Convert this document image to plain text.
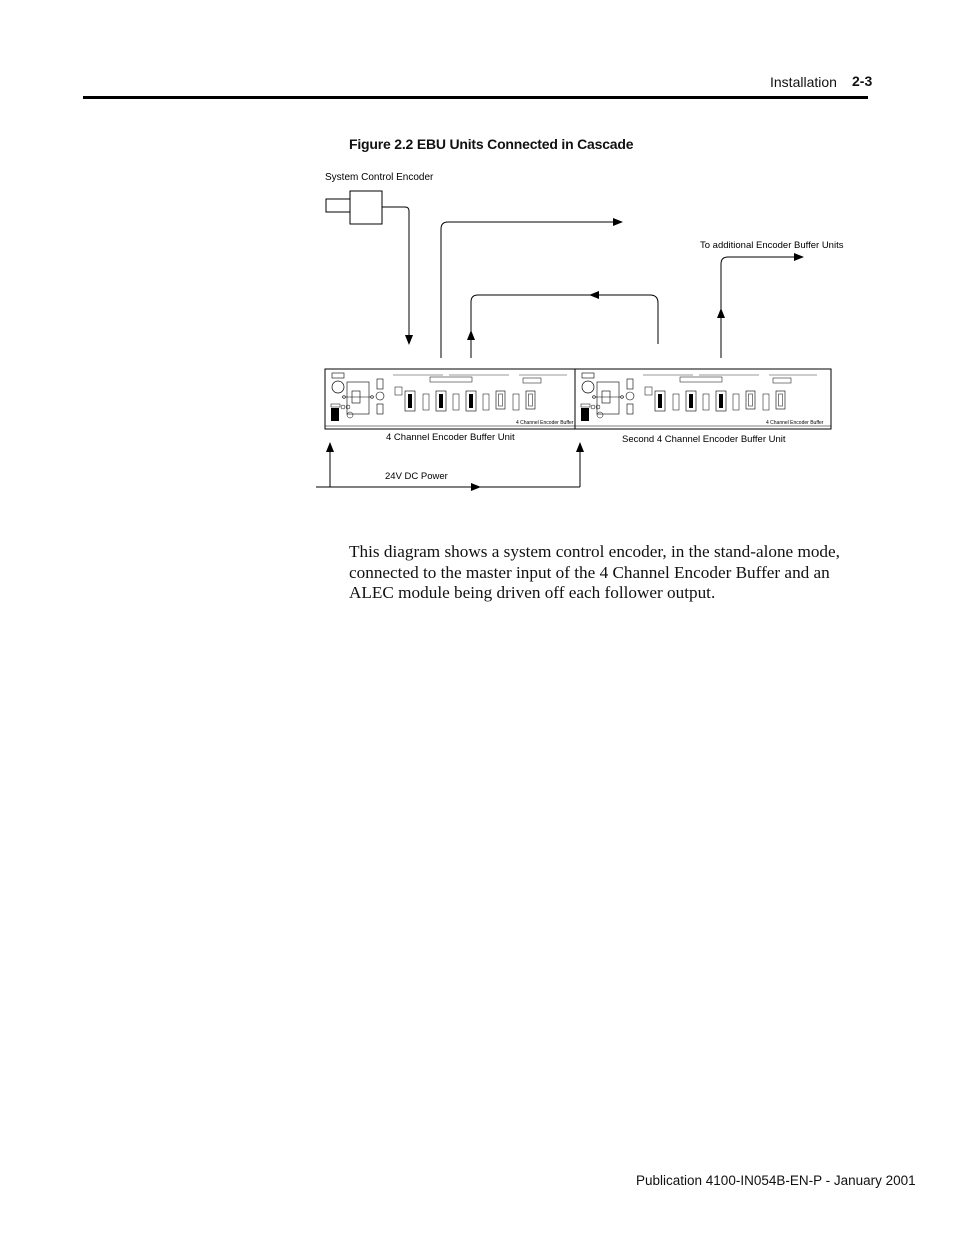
Installation 2-3
Figure 2.2 EBU Units Connected in Cascade
4 Channel Encoder Buffer
System Control Encoder
To additional Encoder Buffer Units
4 Channel Encoder Buffer Unit	Second 4 Channel Encoder Buffer Unit
24V DC Power

This diagram shows a system control encoder, in the stand-alone mode, connected to the master input of the 4 Channel Encoder Buffer and an ALEC module being driven off each follower output.

Publication 4100-IN054B-EN-P - January 2001
